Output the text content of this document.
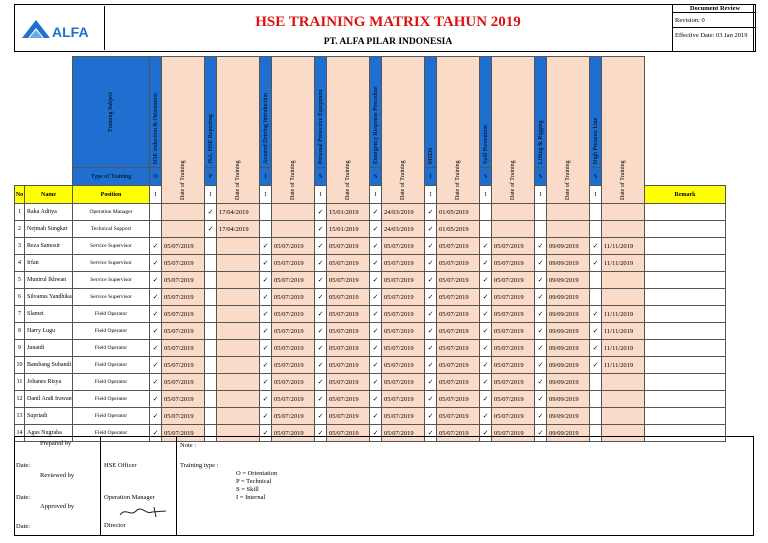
ALFA
HSE TRAINING MATRIX TAHUN 2019
PT. ALFA PILAR INDONESIA
Document Review
Revision: 0
Effective Date: 03 Jan 2019

		Training Subject	HSE Induction & Orientation	Date of Training	JSA, HSE Reporting	Date of Training	Assured Driving Introduction	Date of Training	Personal Protective Equipment	Date of Training	Emergency Response Procedure	Date of Training	MSDS	Date of Training	Spill Prevention	Date of Training	Lifting & Rigging	Date of Training	High Pressure Line	Date of Training	

		Type of Training	O		P		I		S		S		I		S		S		S		
No	Name	Position	I		I		I		I		I		I		I		I		I		Remark
1	Raka Aditya	Operation Manager			✓	17/04/2019			✓	15/01/2019	✓	24/03/2019	✓	01/05/2019							
2	Nejmah Sungkar	Technical Support			✓	17/04/2019			✓	15/01/2019	✓	24/03/2019	✓	01/05/2019							
3	Reza Samosir	Service Supervisor	✓	05/07/2019			✓	05/07/2019	✓	05/07/2019	✓	05/07/2019	✓	05/07/2019	✓	05/07/2019	✓	09/09/2019	✓	11/11/2019	
4	Irfan	Service Supervisor	✓	05/07/2019			✓	05/07/2019	✓	05/07/2019	✓	05/07/2019	✓	05/07/2019	✓	05/07/2019	✓	09/09/2019	✓	11/11/2019	
5	Munirul Ikhwan	Service Supervisor	✓	05/07/2019			✓	05/07/2019	✓	05/07/2019	✓	05/07/2019	✓	05/07/2019	✓	05/07/2019	✓	09/09/2019			
6	Silvanus Yandhika	Service Supervisor	✓	05/07/2019			✓	05/07/2019	✓	05/07/2019	✓	05/07/2019	✓	05/07/2019	✓	05/07/2019	✓	09/09/2019			
7	Slamet	Field Operator	✓	05/07/2019			✓	05/07/2019	✓	05/07/2019	✓	05/07/2019	✓	05/07/2019	✓	05/07/2019	✓	09/09/2019	✓	11/11/2019	
8	Harry Lugu	Field Operator	✓	05/07/2019			✓	05/07/2019	✓	05/07/2019	✓	05/07/2019	✓	05/07/2019	✓	05/07/2019	✓	09/09/2019	✓	11/11/2019	
9	Junaidi	Field Operator	✓	05/07/2019			✓	05/07/2019	✓	05/07/2019	✓	05/07/2019	✓	05/07/2019	✓	05/07/2019	✓	09/09/2019	✓	11/11/2019	
10	Bambang Subandi	Field Operator	✓	05/07/2019			✓	05/07/2019	✓	05/07/2019	✓	05/07/2019	✓	05/07/2019	✓	05/07/2019	✓	09/09/2019	✓	11/11/2019	
11	Johanes Risya	Field Operator	✓	05/07/2019			✓	05/07/2019	✓	05/07/2019	✓	05/07/2019	✓	05/07/2019	✓	05/07/2019	✓	09/09/2019			
12	Danil Andi Irawan	Field Operator	✓	05/07/2019			✓	05/07/2019	✓	05/07/2019	✓	05/07/2019	✓	05/07/2019	✓	05/07/2019	✓	09/09/2019			
13	Supriadi	Field Operator	✓	05/07/2019			✓	05/07/2019	✓	05/07/2019	✓	05/07/2019	✓	05/07/2019	✓	05/07/2019	✓	09/09/2019			
14	Agus Nugraha	Field Operator	✓	05/07/2019			✓	05/07/2019	✓	05/07/2019	✓	05/07/2019	✓	05/07/2019	✓	05/07/2019	✓	09/09/2019			
Prepared by
Date:	HSE Officer
Reviewed by
Date:	Operation Manager
Approved by
Date:	Director
Note :
Training type :
O = Orientation
P = Technical
S = Skill
I = Internal
